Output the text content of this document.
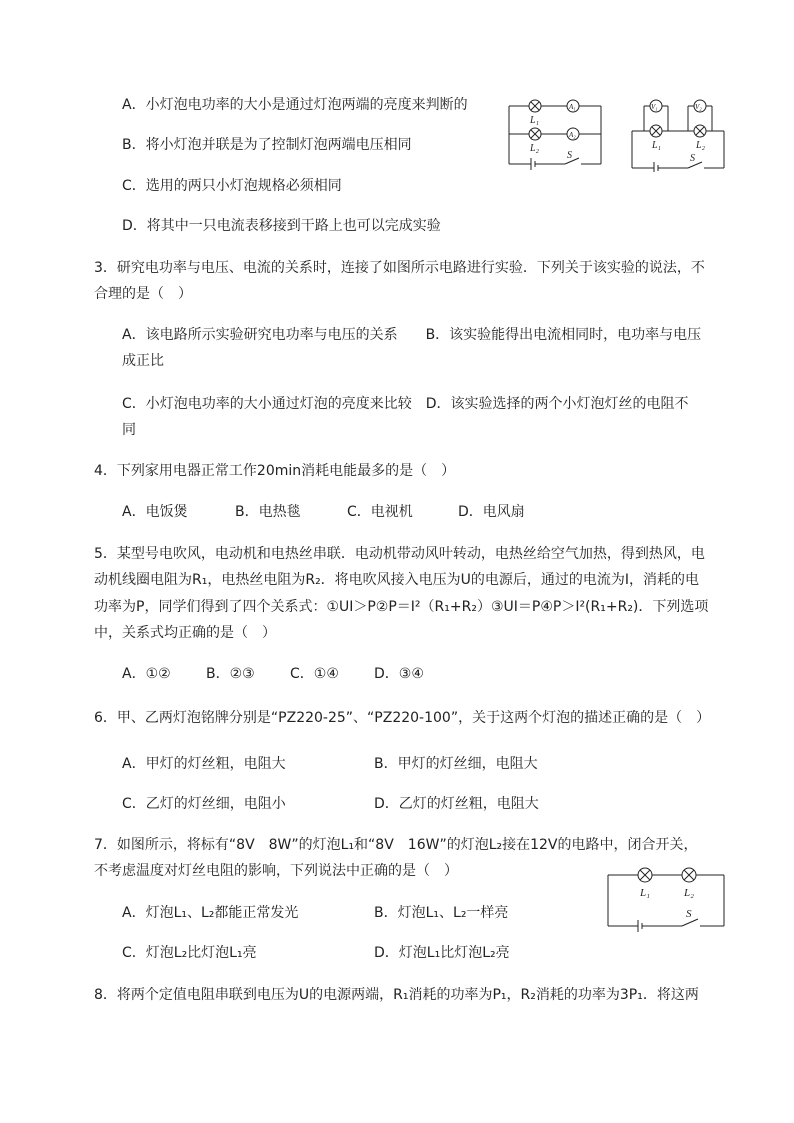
A．小灯泡电功率的大小是通过灯泡两端的亮度来判断的
B．将小灯泡并联是为了控制灯泡两端电压相同
C．选用的两只小灯泡规格必须相同
D．将其中一只电流表移接到干路上也可以完成实验
A₁
A₂
L₁
L₂
S
V₁	V₂
L₁	L₂
S
3．研究电功率与电压、电流的关系时，连接了如图所示电路进行实验．下列关于该实验的说法，不
合理的是（　）
A．该电路所示实验研究电功率与电压的关系　　B．该实验能得出电流相同时，电功率与电压
成正比
C．小灯泡电功率的大小通过灯泡的亮度来比较　D．该实验选择的两个小灯泡灯丝的电阻不
同
4．下列家用电器正常工作20min消耗电能最多的是（　）
A．电饭煲	B．电热毯	C．电视机	D．电风扇
5．某型号电吹风，电动机和电热丝串联．电动机带动风叶转动，电热丝给空气加热，得到热风，电
动机线圈电阻为R₁，电热丝电阻为R₂．将电吹风接入电压为U的电源后，通过的电流为I，消耗的电
功率为P，同学们得到了四个关系式：①UI＞P②P＝I²（R₁+R₂）③UI＝P④P＞I²(R₁+R₂)．下列选项
中，关系式均正确的是（　）
A．①②	B．②③	C．①④	D．③④
6．甲、乙两灯泡铭牌分别是“PZ220-25”、“PZ220-100”，关于这两个灯泡的描述正确的是（　）
A．甲灯的灯丝粗，电阻大	B．甲灯的灯丝细，电阻大
C．乙灯的灯丝细，电阻小	D．乙灯的灯丝粗，电阻大
7．如图所示，将标有“8V　8W”的灯泡L₁和“8V　16W”的灯泡L₂接在12V的电路中，闭合开关，
不考虑温度对灯丝电阻的影响，下列说法中正确的是（　）
A．灯泡L₁、L₂都能正常发光	B．灯泡L₁、L₂一样亮
C．灯泡L₂比灯泡L₁亮	D．灯泡L₁比灯泡L₂亮
L₁	L₂
S
8．将两个定值电阻串联到电压为U的电源两端，R₁消耗的功率为P₁，R₂消耗的功率为3P₁．将这两
